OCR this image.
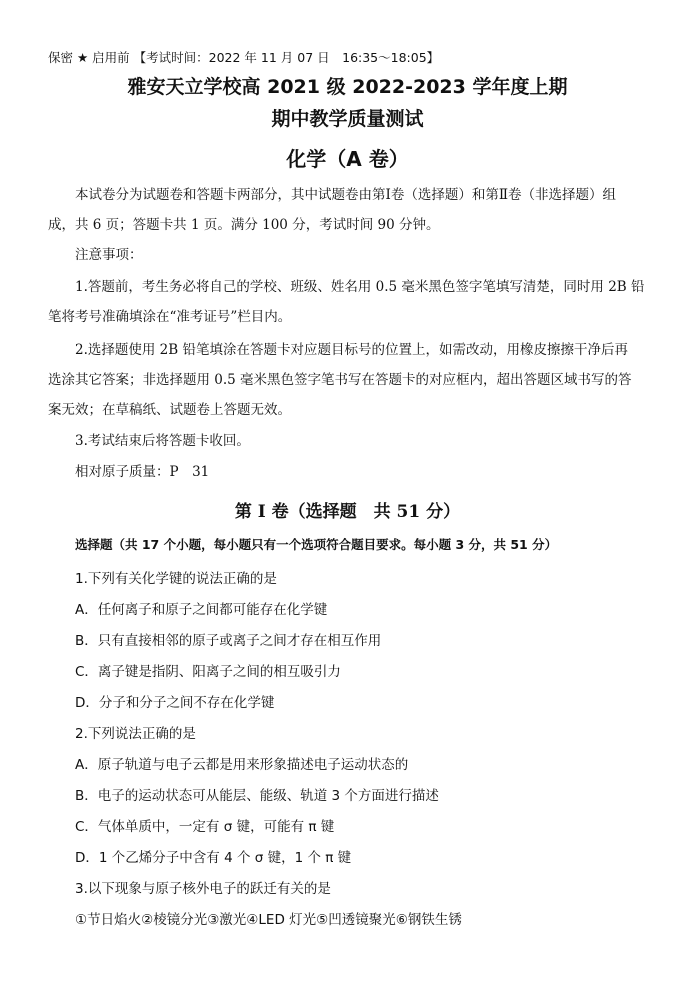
保密 ★ 启用前 【考试时间：2022 年 11 月 07 日　16:35～18:05】
雅安天立学校高 2021 级 2022-2023 学年度上期
期中教学质量测试
化学（A 卷）
本试卷分为试题卷和答题卡两部分，其中试题卷由第Ⅰ卷（选择题）和第Ⅱ卷（非选择题）组
成，共 6 页；答题卡共 1 页。满分 100 分，考试时间 90 分钟。
注意事项：
1.答题前，考生务必将自己的学校、班级、姓名用 0.5 毫米黑色签字笔填写清楚，同时用 2B 铅
笔将考号准确填涂在“准考证号”栏目内。
2.选择题使用 2B 铅笔填涂在答题卡对应题目标号的位置上，如需改动，用橡皮擦擦干净后再
选涂其它答案；非选择题用 0.5 毫米黑色签字笔书写在答题卡的对应框内，超出答题区域书写的答
案无效；在草稿纸、试题卷上答题无效。
3.考试结束后将答题卡收回。
相对原子质量：P　31
第 I 卷（选择题　共 51 分）
选择题（共 17 个小题，每小题只有一个选项符合题目要求。每小题 3 分，共 51 分）
1.下列有关化学键的说法正确的是
A．任何离子和原子之间都可能存在化学键
B．只有直接相邻的原子或离子之间才存在相互作用
C．离子键是指阴、阳离子之间的相互吸引力
D．分子和分子之间不存在化学键
2.下列说法正确的是
A．原子轨道与电子云都是用来形象描述电子运动状态的
B．电子的运动状态可从能层、能级、轨道 3 个方面进行描述
C．气体单质中，一定有 σ 键，可能有 π 键
D．1 个乙烯分子中含有 4 个 σ 键，1 个 π 键
3.以下现象与原子核外电子的跃迁有关的是
①节日焰火②棱镜分光③激光④LED 灯光⑤凹透镜聚光⑥钢铁生锈
